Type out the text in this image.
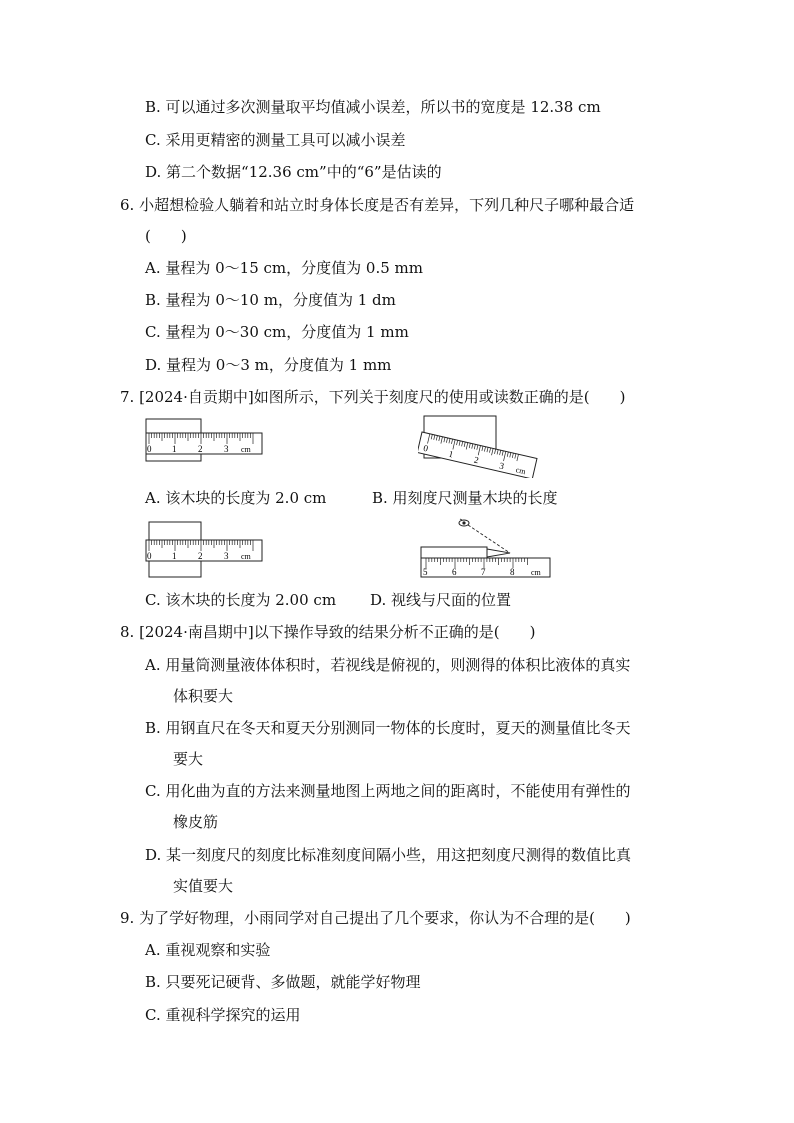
B. 可以通过多次测量取平均值减小误差，所以书的宽度是 12.38 cm
C. 采用更精密的测量工具可以减小误差
D. 第二个数据“12.36 cm”中的“6”是估读的
6. 小超想检验人躺着和站立时身体长度是否有差异，下列几种尺子哪种最合适
(　　)
A. 量程为 0～15 cm，分度值为 0.5 mm
B. 量程为 0～10 m，分度值为 1 dm
C. 量程为 0～30 cm，分度值为 1 mm
D. 量程为 0～3 m，分度值为 1 mm
7. [2024·自贡期中]如图所示，下列关于刻度尺的使用或读数正确的是(　　)
0 1 2 3 cm	0
1
2
3 cm
A. 该木块的长度为 2.0 cm	B. 用刻度尺测量木块的长度
0 1 2 3 cm
5	6	7	8 cm
C. 该木块的长度为 2.00 cm D. 视线与尺面的位置
8. [2024·南昌期中]以下操作导致的结果分析不正确的是(　　)
A. 用量筒测量液体体积时，若视线是俯视的，则测得的体积比液体的真实
体积要大
B. 用钢直尺在冬天和夏天分别测同一物体的长度时，夏天的测量值比冬天
要大
C. 用化曲为直的方法来测量地图上两地之间的距离时，不能使用有弹性的
橡皮筋
D. 某一刻度尺的刻度比标准刻度间隔小些，用这把刻度尺测得的数值比真
实值要大
9. 为了学好物理，小雨同学对自己提出了几个要求，你认为不合理的是(　　)
A. 重视观察和实验
B. 只要死记硬背、多做题，就能学好物理
C. 重视科学探究的运用
